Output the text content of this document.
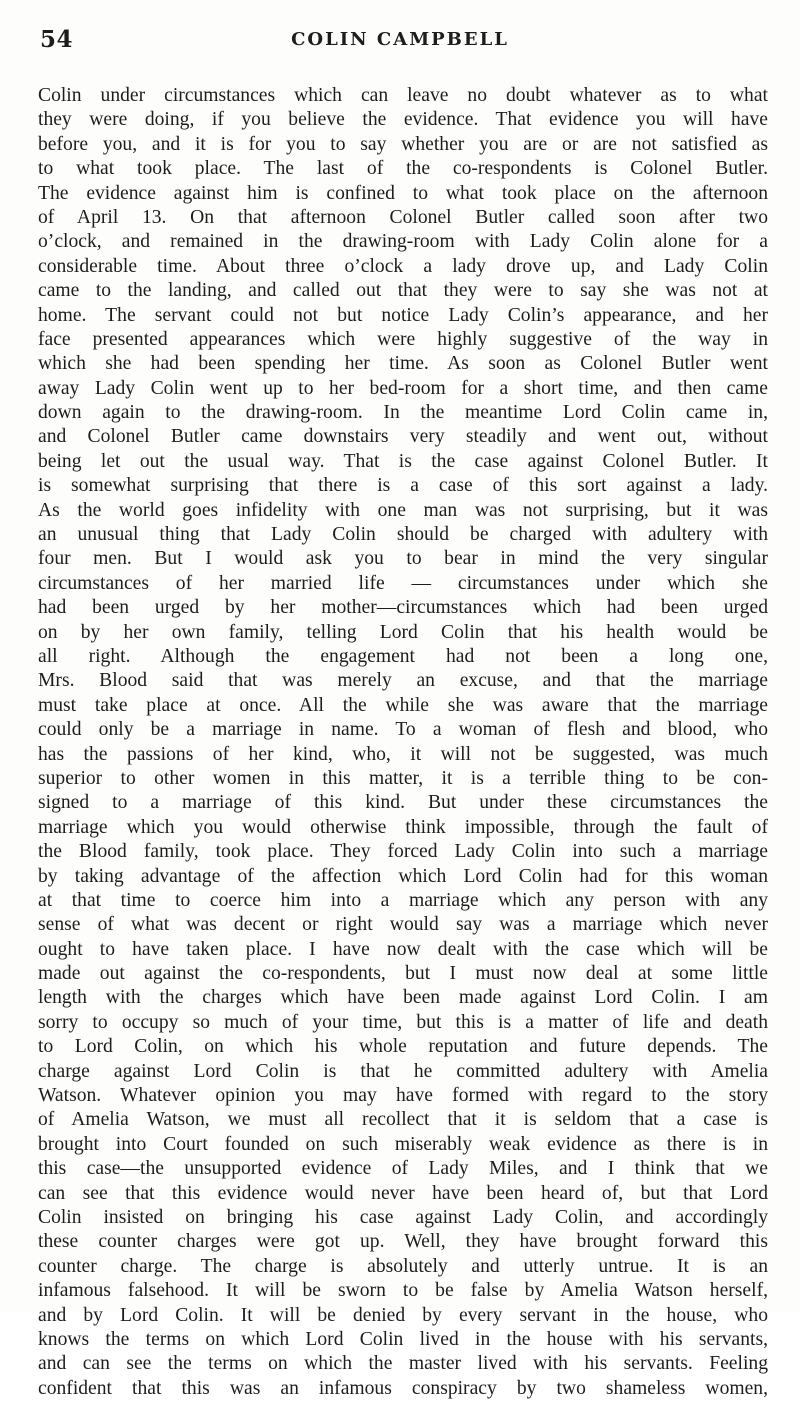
54	COLIN CAMPBELL
Colin under circumstances which can leave no doubt whatever as to what
they were doing, if you believe the evidence. That evidence you will have
before you, and it is for you to say whether you are or are not satisfied as
to what took place. The last of the co-respondents is Colonel Butler.
The evidence against him is confined to what took place on the afternoon
of April 13. On that afternoon Colonel Butler called soon after two
o’clock, and remained in the drawing-room with Lady Colin alone for a
considerable time. About three o’clock a lady drove up, and Lady Colin
came to the landing, and called out that they were to say she was not at
home. The servant could not but notice Lady Colin’s appearance, and her
face presented appearances which were highly suggestive of the way in
which she had been spending her time. As soon as Colonel Butler went
away Lady Colin went up to her bed-room for a short time, and then came
down again to the drawing-room. In the meantime Lord Colin came in,
and Colonel Butler came downstairs very steadily and went out, without
being let out the usual way. That is the case against Colonel Butler. It
is somewhat surprising that there is a case of this sort against a lady.
As the world goes infidelity with one man was not surprising, but it was
an unusual thing that Lady Colin should be charged with adultery with
four men. But I would ask you to bear in mind the very singular
circumstances of her married life — circumstances under which she
had been urged by her mother—circumstances which had been urged
on by her own family, telling Lord Colin that his health would be
all right. Although the engagement had not been a long one,
Mrs. Blood said that was merely an excuse, and that the marriage
must take place at once. All the while she was aware that the marriage
could only be a marriage in name. To a woman of flesh and blood, who
has the passions of her kind, who, it will not be suggested, was much
superior to other women in this matter, it is a terrible thing to be con-
signed to a marriage of this kind. But under these circumstances the
marriage which you would otherwise think impossible, through the fault of
the Blood family, took place. They forced Lady Colin into such a marriage
by taking advantage of the affection which Lord Colin had for this woman
at that time to coerce him into a marriage which any person with any
sense of what was decent or right would say was a marriage which never
ought to have taken place. I have now dealt with the case which will be
made out against the co-respondents, but I must now deal at some little
length with the charges which have been made against Lord Colin. I am
sorry to occupy so much of your time, but this is a matter of life and death
to Lord Colin, on which his whole reputation and future depends. The
charge against Lord Colin is that he committed adultery with Amelia
Watson. Whatever opinion you may have formed with regard to the story
of Amelia Watson, we must all recollect that it is seldom that a case is
brought into Court founded on such miserably weak evidence as there is in
this case—the unsupported evidence of Lady Miles, and I think that we
can see that this evidence would never have been heard of, but that Lord
Colin insisted on bringing his case against Lady Colin, and accordingly
these counter charges were got up. Well, they have brought forward this
counter charge. The charge is absolutely and utterly untrue. It is an
infamous falsehood. It will be sworn to be false by Amelia Watson herself,
and by Lord Colin. It will be denied by every servant in the house, who
knows the terms on which Lord Colin lived in the house with his servants,
and can see the terms on which the master lived with his servants. Feeling
confident that this was an infamous conspiracy by two shameless women,
